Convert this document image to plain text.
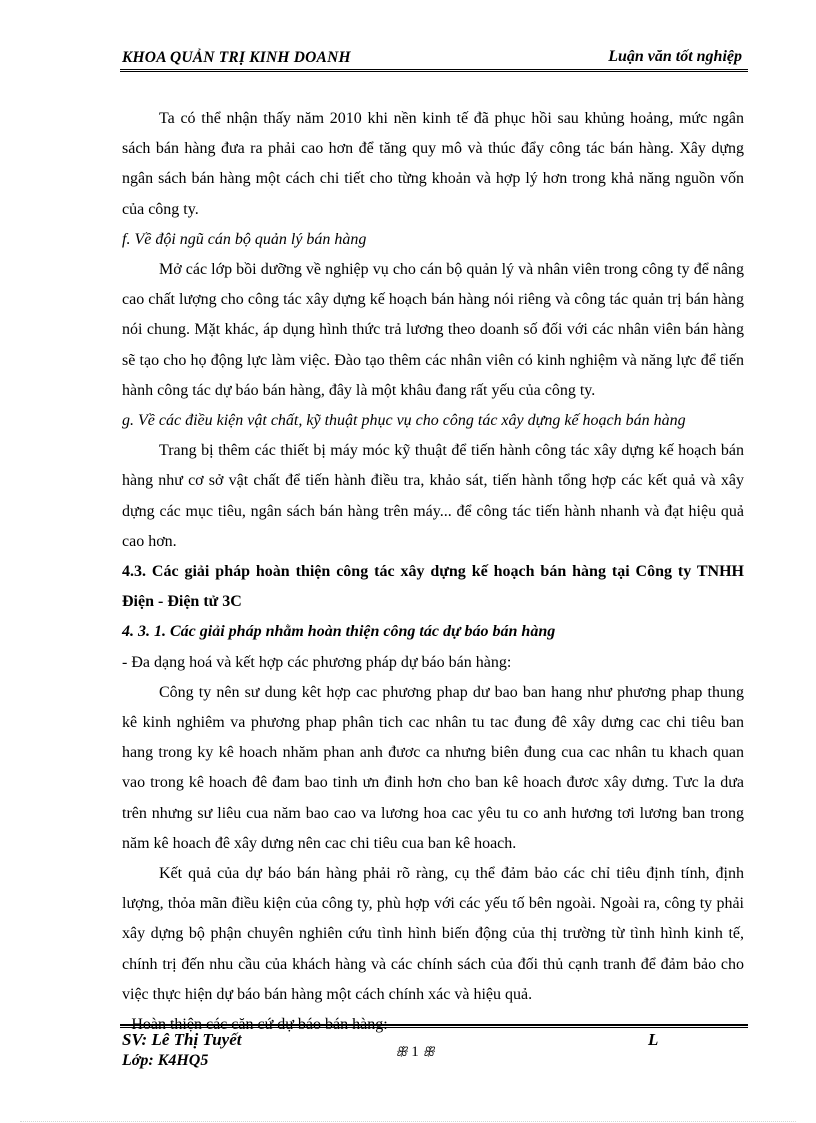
KHOA QUẢN TRỊ KINH DOANH	Luận văn tốt nghiệp

Ta có thể nhận thấy năm 2010 khi nền kinh tế đã phục hồi sau khủng hoảng, mức ngân sách bán hàng đưa ra phải cao hơn để tăng quy mô và thúc đẩy công tác bán hàng. Xây dựng ngân sách bán hàng một cách chi tiết cho từng khoản và hợp lý hơn trong khả năng nguồn vốn của công ty.

f. Về đội ngũ cán bộ quản lý bán hàng

Mở các lớp bồi dưỡng về nghiệp vụ cho cán bộ quản lý và nhân viên trong công ty để nâng cao chất lượng cho công tác xây dựng kế hoạch bán hàng nói riêng và công tác quản trị bán hàng nói chung. Mặt khác, áp dụng hình thức trả lương theo doanh số đối với các nhân viên bán hàng sẽ tạo cho họ động lực làm việc. Đào tạo thêm các nhân viên có kinh nghiệm và năng lực để tiến hành công tác dự báo bán hàng, đây là một khâu đang rất yếu của công ty.

g. Về các điều kiện vật chất, kỹ thuật phục vụ cho công tác xây dựng kế hoạch bán hàng

Trang bị thêm các thiết bị máy móc kỹ thuật để tiến hành công tác xây dựng kế hoạch bán hàng như cơ sở vật chất để tiến hành điều tra, khảo sát, tiến hành tổng hợp các kết quả và xây dựng các mục tiêu, ngân sách bán hàng trên máy... để công tác tiến hành nhanh và đạt hiệu quả cao hơn.

4.3. Các giải pháp hoàn thiện công tác xây dựng kế hoạch bán hàng tại Công ty TNHH Điện - Điện tử 3C

4. 3. 1. Các giải pháp nhằm hoàn thiện công tác dự báo bán hàng

- Đa dạng hoá và kết hợp các phương pháp dự báo bán hàng:

Công ty nên sư dung kêt hợp cac phương phap dư bao ban hang như phương phap thung kê kinh nghiêm va phương phap phân tich cac nhân tu tac đung đê xây dưng cac chi tiêu ban hang trong ky kê hoach nhăm phan anh đươc ca nhưng biên đung cua cac nhân tu khach quan vao trong kê hoach đê đam bao tinh ưn đinh hơn cho ban kê hoach đươc xây dưng. Tưc la dưa trên nhưng sư liêu cua năm bao cao va lương hoa cac yêu tu co anh hương tơi lương ban trong năm kê hoach đê xây dưng nên cac chi tiêu cua ban kê hoach.

Kết quả của dự báo bán hàng phải rõ ràng, cụ thể đảm bảo các chỉ tiêu định tính, định lượng, thỏa mãn điều kiện của công ty, phù hợp với các yếu tố bên ngoài. Ngoài ra, công ty phải xây dựng bộ phận chuyên nghiên cứu tình hình biến động của thị trường từ tình hình kinh tế, chính trị đến nhu cầu của khách hàng và các chính sách của đối thủ cạnh tranh để đảm bảo cho việc thực hiện dự báo bán hàng một cách chính xác và hiệu quả.

- Hoàn thiện các căn cứ dự báo bán hàng:

SV: Lê Thị Tuyết	L
Lớp: K4HQ5
ꕥ 1 ꕥ
